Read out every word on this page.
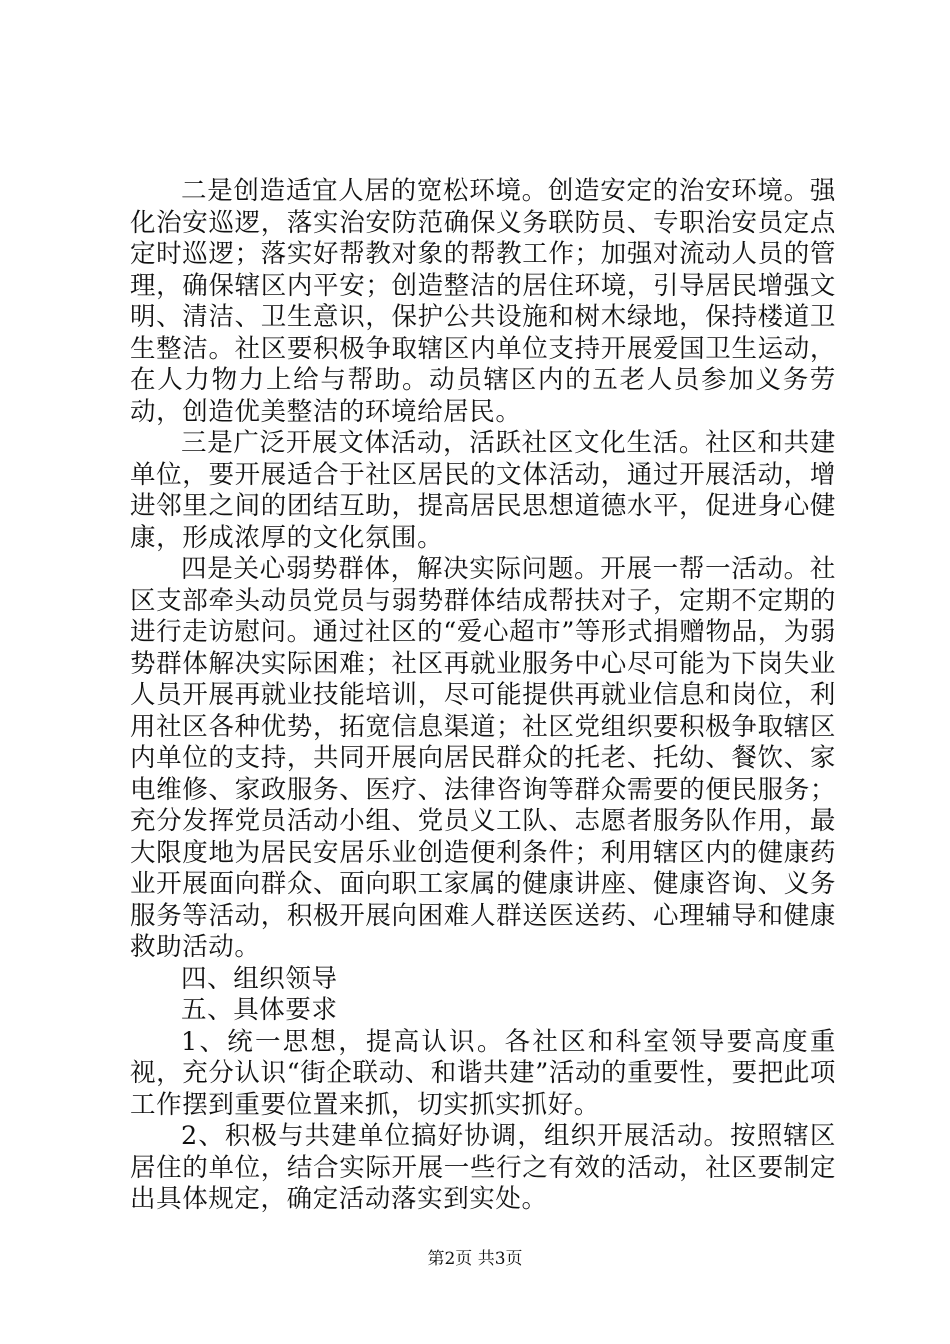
二是创造适宜人居的宽松环境。创造安定的治安环境。强化治安巡逻，落实治安防范确保义务联防员、专职治安员定点定时巡逻；落实好帮教对象的帮教工作；加强对流动人员的管理，确保辖区内平安；创造整洁的居住环境，引导居民增强文明、清洁、卫生意识，保护公共设施和树木绿地，保持楼道卫生整洁。社区要积极争取辖区内单位支持开展爱国卫生运动，在人力物力上给与帮助。动员辖区内的五老人员参加义务劳动，创造优美整洁的环境给居民。

三是广泛开展文体活动，活跃社区文化生活。社区和共建单位，要开展适合于社区居民的文体活动，通过开展活动，增进邻里之间的团结互助，提高居民思想道德水平，促进身心健康，形成浓厚的文化氛围。

四是关心弱势群体，解决实际问题。开展一帮一活动。社区支部牵头动员党员与弱势群体结成帮扶对子，定期不定期的进行走访慰问。通过社区的“爱心超市”等形式捐赠物品，为弱势群体解决实际困难；社区再就业服务中心尽可能为下岗失业人员开展再就业技能培训，尽可能提供再就业信息和岗位，利用社区各种优势，拓宽信息渠道；社区党组织要积极争取辖区内单位的支持，共同开展向居民群众的托老、托幼、餐饮、家电维修、家政服务、医疗、法律咨询等群众需要的便民服务；充分发挥党员活动小组、党员义工队、志愿者服务队作用，最大限度地为居民安居乐业创造便利条件；利用辖区内的健康药业开展面向群众、面向职工家属的健康讲座、健康咨询、义务服务等活动，积极开展向困难人群送医送药、心理辅导和健康救助活动。

四、组织领导

五、具体要求

1、统一思想，提高认识。各社区和科室领导要高度重视，充分认识“街企联动、和谐共建”活动的重要性，要把此项工作摆到重要位置来抓，切实抓实抓好。

2、积极与共建单位搞好协调，组织开展活动。按照辖区居住的单位，结合实际开展一些行之有效的活动，社区要制定出具体规定，确定活动落实到实处。

第2页 共3页
